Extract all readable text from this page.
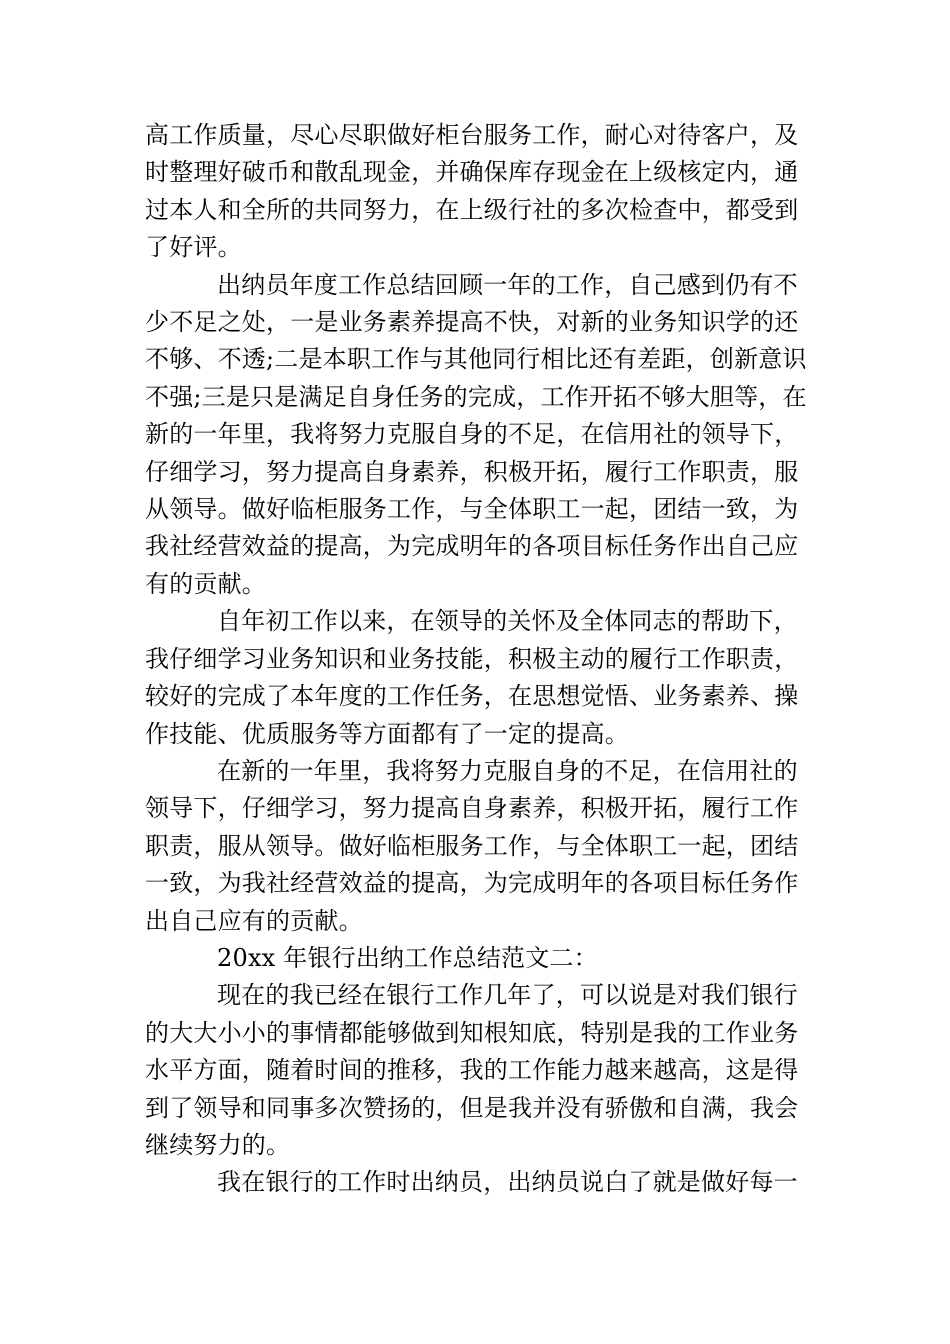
高工作质量，尽心尽职做好柜台服务工作，耐心对待客户，及
时整理好破币和散乱现金，并确保库存现金在上级核定内，通
过本人和全所的共同努力，在上级行社的多次检查中，都受到
了好评。

出纳员年度工作总结回顾一年的工作，自己感到仍有不
少不足之处，一是业务素养提高不快，对新的业务知识学的还
不够、不透;二是本职工作与其他同行相比还有差距，创新意识
不强;三是只是满足自身任务的完成，工作开拓不够大胆等，在
新的一年里，我将努力克服自身的不足，在信用社的领导下，
仔细学习，努力提高自身素养，积极开拓，履行工作职责，服
从领导。做好临柜服务工作，与全体职工一起，团结一致，为
我社经营效益的提高，为完成明年的各项目标任务作出自己应
有的贡献。

自年初工作以来，在领导的关怀及全体同志的帮助下，
我仔细学习业务知识和业务技能，积极主动的履行工作职责，
较好的完成了本年度的工作任务，在思想觉悟、业务素养、操
作技能、优质服务等方面都有了一定的提高。

在新的一年里，我将努力克服自身的不足，在信用社的
领导下，仔细学习，努力提高自身素养，积极开拓，履行工作
职责，服从领导。做好临柜服务工作，与全体职工一起，团结
一致，为我社经营效益的提高，为完成明年的各项目标任务作
出自己应有的贡献。

20xx 年银行出纳工作总结范文二：

现在的我已经在银行工作几年了，可以说是对我们银行
的大大小小的事情都能够做到知根知底，特别是我的工作业务
水平方面，随着时间的推移，我的工作能力越来越高，这是得
到了领导和同事多次赞扬的，但是我并没有骄傲和自满，我会
继续努力的。

我在银行的工作时出纳员，出纳员说白了就是做好每一
